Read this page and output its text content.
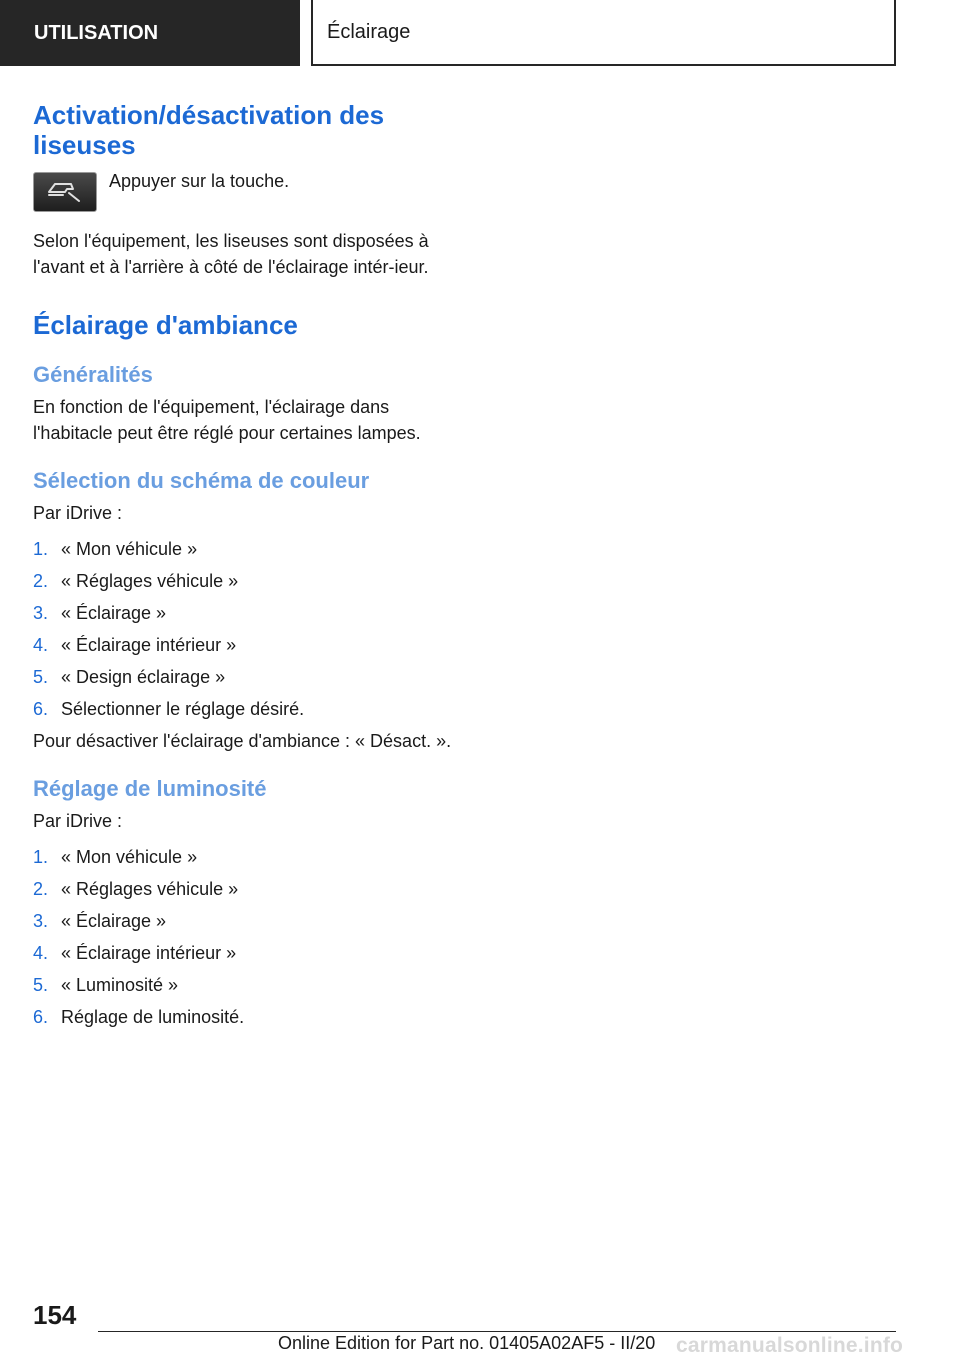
UTILISATION	Éclairage
Activation/désactivation des liseuses
Appuyer sur la touche.

Selon l'équipement, les liseuses sont disposées à l'avant et à l'arrière à côté de l'éclairage intér-ieur.

Éclairage d'ambiance
Généralités

En fonction de l'équipement, l'éclairage dans l'habitacle peut être réglé pour certaines lampes.

Sélection du schéma de couleur

Par iDrive :

1. « Mon véhicule »
2. « Réglages véhicule »
3. « Éclairage »
4. « Éclairage intérieur »
5. « Design éclairage »
6. Sélectionner le réglage désiré.

Pour désactiver l'éclairage d'ambiance : « Désact. ».

Réglage de luminosité

Par iDrive :

1. « Mon véhicule »
2. « Réglages véhicule »
3. « Éclairage »
4. « Éclairage intérieur »
5. « Luminosité »
6. Réglage de luminosité.
154
Online Edition for Part no. 01405A02AF5 - II/20 carmanualsonline.info
